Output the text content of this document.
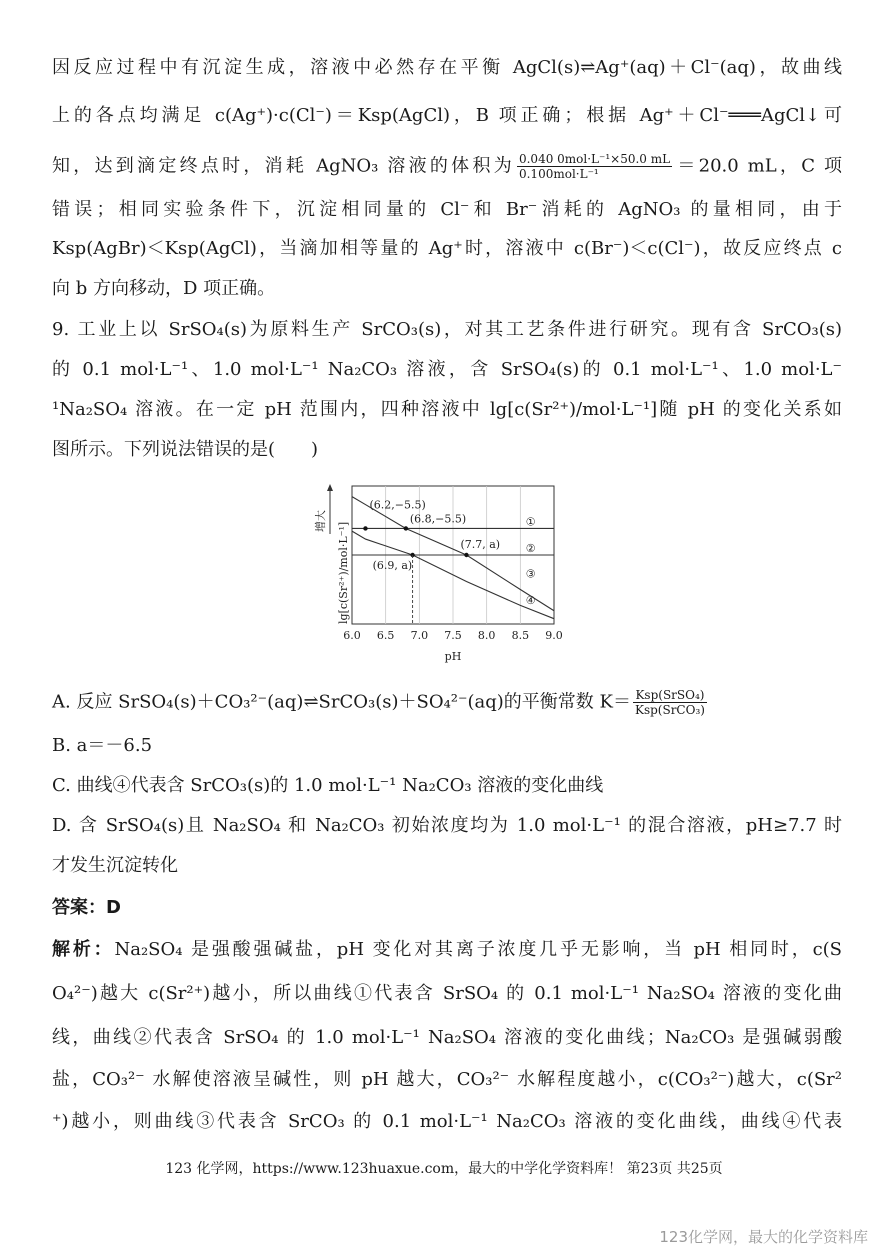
因反应过程中有沉淀生成，溶液中必然存在平衡 AgCl(s)⇌Ag⁺(aq)＋Cl⁻(aq)，故曲线
上的各点均满足 c(Ag⁺)·c(Cl⁻)＝Ksp(AgCl)，B 项正确；根据 Ag⁺＋Cl⁻═══AgCl↓可
知，达到滴定终点时，消耗 AgNO₃ 溶液的体积为 $\frac{\text{0.040 0mol·L⁻¹×50.0 mL}}{\text{0.100mol·L⁻¹}} =20.0$ mL，C 项
错误；相同实验条件下，沉淀相同量的 Cl⁻和 Br⁻消耗的 AgNO₃ 的量相同，由于
Ksp(AgBr)＜Ksp(AgCl)，当滴加相等量的 Ag⁺时，溶液中 c(Br⁻)＜c(Cl⁻)，故反应终点 c
向 b 方向移动，D 项正确。
9. 工业上以 SrSO₄(s)为原料生产 SrCO₃(s)，对其工艺条件进行研究。现有含 SrCO₃(s)
的 0.1 mol·L⁻¹、1.0 mol·L⁻¹ Na₂CO₃ 溶液，含 SrSO₄(s)的 0.1 mol·L⁻¹、1.0 mol·L⁻
¹Na₂SO₄ 溶液。在一定 pH 范围内，四种溶液中 lg[c(Sr²⁺)/mol·L⁻¹]随 pH 的变化关系如
图所示。下列说法错误的是(　　)
6.0 6.5 7.0 7.5 8.0 8.5 9.0
①
②
③
④
(6.2,−5.5)
(6.8,−5.5)
(7.7, a)
(6.9, a)
增大
lg[c(Sr²⁺)/mol·L⁻¹]
pH
A. 反应 SrSO₄(s)＋CO₃²⁻(aq)⇌SrCO₃(s)＋SO₄²⁻(aq)的平衡常数 $K= \frac{\text{Ksp(SrSO₄)}}{\text{Ksp(SrCO₃)}}$
B. a＝－6.5
C. 曲线④代表含 SrCO₃(s)的 1.0 mol·L⁻¹ Na₂CO₃ 溶液的变化曲线
D. 含 SrSO₄(s)且 Na₂SO₄ 和 Na₂CO₃ 初始浓度均为 1.0 mol·L⁻¹ 的混合溶液，pH≥7.7 时
才发生沉淀转化
答案：D
解析：Na₂SO₄ 是强酸强碱盐，pH 变化对其离子浓度几乎无影响，当 pH 相同时，c(S
O₄²⁻)越大 c(Sr²⁺)越小，所以曲线①代表含 SrSO₄ 的 0.1 mol·L⁻¹ Na₂SO₄ 溶液的变化曲
线，曲线②代表含 SrSO₄ 的 1.0 mol·L⁻¹ Na₂SO₄ 溶液的变化曲线；Na₂CO₃ 是强碱弱酸
盐，CO₃²⁻ 水解使溶液呈碱性，则 pH 越大，CO₃²⁻ 水解程度越小，c(CO₃²⁻)越大，c(Sr²
⁺)越小，则曲线③代表含 SrCO₃ 的 0.1 mol·L⁻¹ Na₂CO₃ 溶液的变化曲线，曲线④代表
123 化学网，https://www.123huaxue.com，最大的中学化学资料库！ 第23页 共25页
123化学网，最大的化学资料库
